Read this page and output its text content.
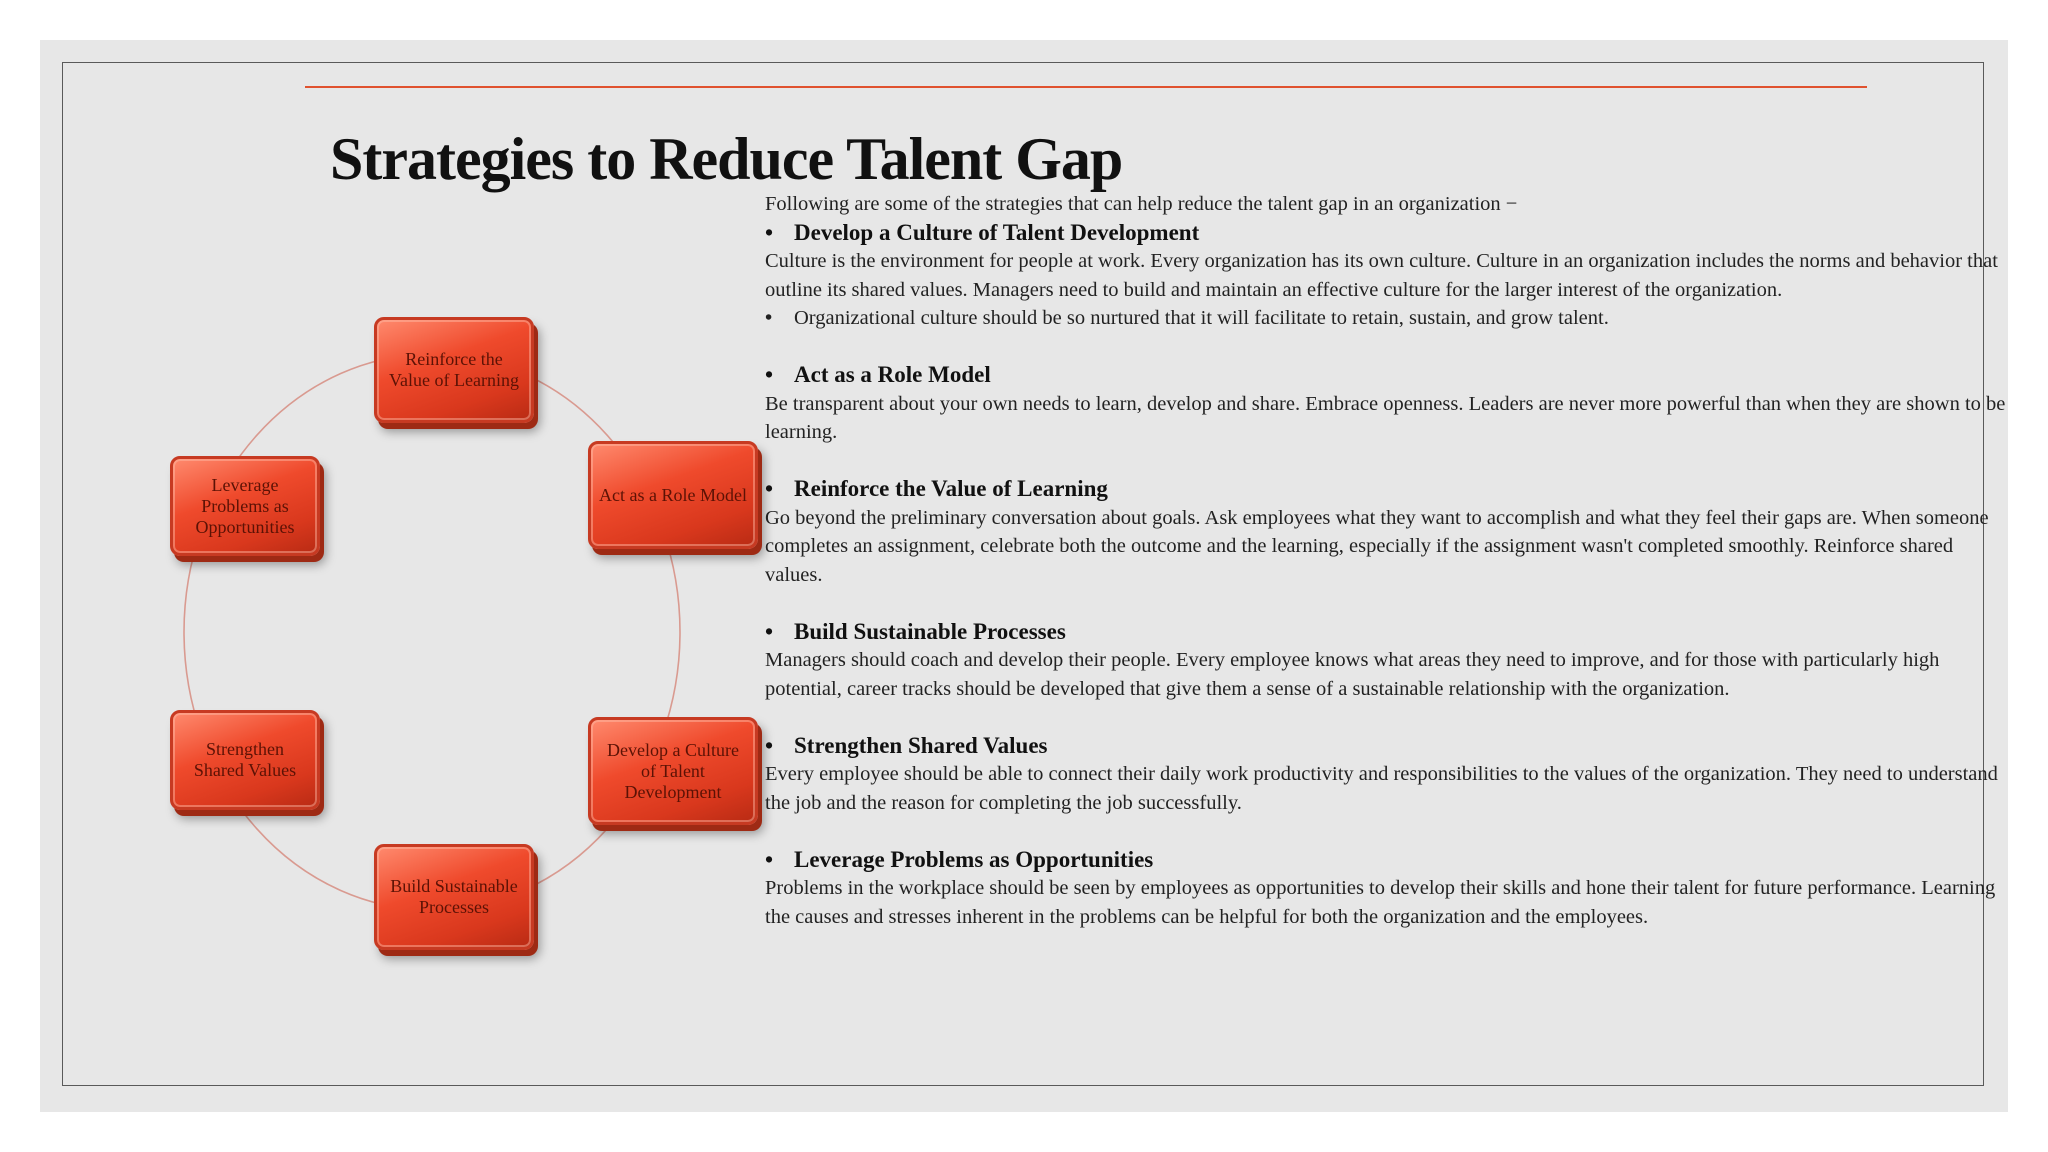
Strategies to Reduce Talent Gap
Reinforce the Value of Learning
Act as a Role Model
Develop a Culture of Talent Development
Build Sustainable Processes
Strengthen Shared Values
Leverage Problems as Opportunities

Following are some of the strategies that can help reduce the talent gap in an organization −

• Develop a Culture of Talent Development

Culture is the environment for people at work. Every organization has its own culture. Culture in an organization includes the norms and behavior that outline its shared values. Managers need to build and maintain an effective culture for the larger interest of the organization.

• Organizational culture should be so nurtured that it will facilitate to retain, sustain, and grow talent.

• Act as a Role Model

Be transparent about your own needs to learn, develop and share. Embrace openness. Leaders are never more powerful than when they are shown to be learning.

• Reinforce the Value of Learning

Go beyond the preliminary conversation about goals. Ask employees what they want to accomplish and what they feel their gaps are. When someone completes an assignment, celebrate both the outcome and the learning, especially if the assignment wasn't completed smoothly. Reinforce shared values.

• Build Sustainable Processes

Managers should coach and develop their people. Every employee knows what areas they need to improve, and for those with particularly high potential, career tracks should be developed that give them a sense of a sustainable relationship with the organization.

• Strengthen Shared Values

Every employee should be able to connect their daily work productivity and responsibilities to the values of the organization. They need to understand the job and the reason for completing the job successfully.

• Leverage Problems as Opportunities

Problems in the workplace should be seen by employees as opportunities to develop their skills and hone their talent for future performance. Learning the causes and stresses inherent in the problems can be helpful for both the organization and the employees.
